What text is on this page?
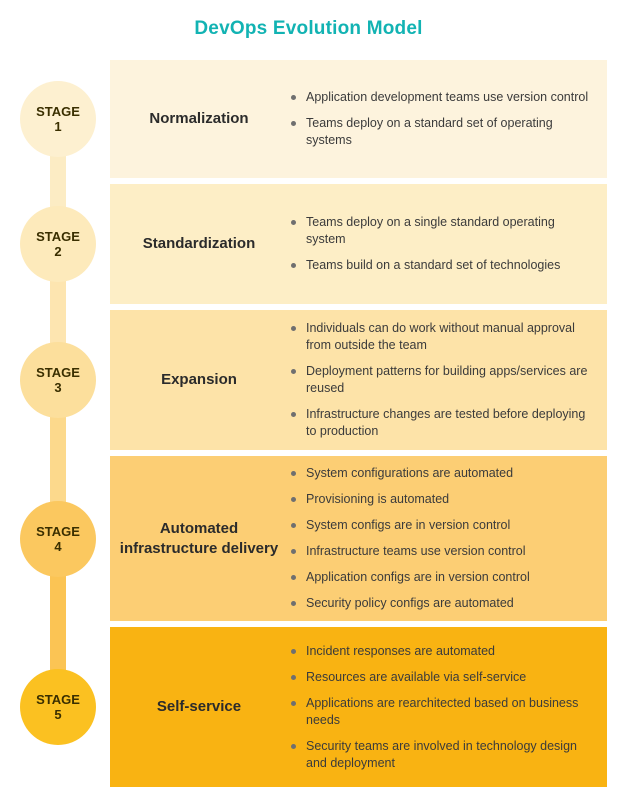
DevOps Evolution Model
STAGE
1	Normalization
Application development teams use version control
Teams deploy on a standard set of operating systems
STAGE
2	Standardization
Teams deploy on a single standard operating system
Teams build on a standard set of technologies
STAGE
3	Expansion
Individuals can do work without manual approval from outside the team
Deployment patterns for building apps/services are reused
Infrastructure changes are tested before deploying to production
STAGE
4
Automated infrastructure delivery
System configurations are automated
Provisioning is automated
System configs are in version control
Infrastructure teams use version control
Application configs are in version control
Security policy configs are automated
STAGE
5	Self-service
Incident responses are automated
Resources are available via self-service
Applications are rearchitected based on business needs
Security teams are involved in technology design and deployment
